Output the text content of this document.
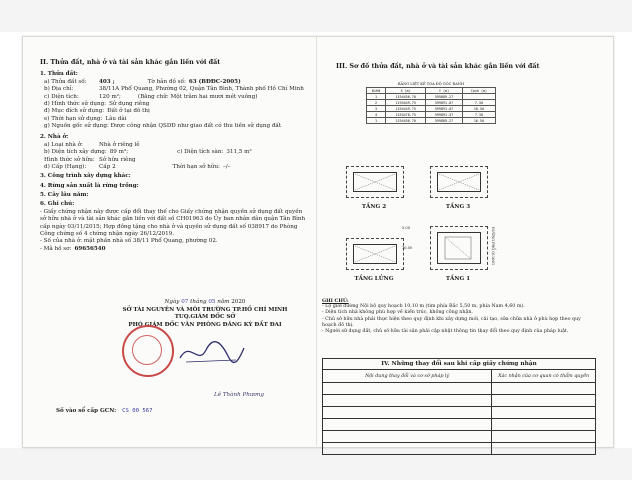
II. Thửa đất, nhà ở và tài sản khác gắn liền với đất
1. Thửa đất:
a) Thửa đất số:	403 ;	Tờ bản đồ số: 63 (BĐĐC-2005)
b) Địa chỉ:	38/11A Phổ Quang, Phường 02, Quận Tân Bình, Thành phố Hồ Chí Minh
c) Diện tích:	120 m²;	(Bằng chữ: Một trăm hai mươi mét vuông)
d) Hình thức sử dụng: Sử dụng riêng
đ) Mục đích sử dụng: Đất ở tại đô thị
e) Thời hạn sử dụng: Lâu dài
g) Nguồn gốc sử dụng: Được công nhận QSDĐ như giao đất có thu tiền sử dụng đất
2. Nhà ở:
a) Loại nhà ở:	Nhà ở riêng lẻ
b) Diện tích xây dựng: 89 m²;	c) Diện tích sàn: 311,5 m²
Hình thức sở hữu: Sở hữu riêng
d) Cấp (Hạng):	Cấp 2	Thời hạn sở hữu: –/–
3. Công trình xây dựng khác:
4. Rừng sản xuất là rừng trồng:
5. Cây lâu năm:
6. Ghi chú:
- Giấy chứng nhận này được cấp đổi thay thế cho Giấy chứng nhận quyền sử dụng đất quyền sở hữu nhà ở và tài sản khác gắn liền với đất số CH01963 do Ủy ban nhân dân quận Tân Bình cấp ngày 03/11/2015; Hợp đồng tặng cho nhà ở và quyền sử dụng đất số 038917 do Phòng Công chứng số 4 chứng nhận ngày 26/12/2019.
- Số của nhà ở: mặt phần nhà số 38/11 Phổ Quang, phường 02.
- Mã hồ sơ: 69656540
Ngày 07 tháng 05 năm 2020
SỞ TÀI NGUYÊN VÀ MÔI TRƯỜNG TP.HỒ CHÍ MINH
TUQ.GIÁM ĐỐC SỞ
PHÓ GIÁM ĐỐC VĂN PHÒNG ĐĂNG KÝ ĐẤT ĐAI
Lê Thành Phương
Số vào sổ cấp GCN: CS 00 567
III. Sơ đồ thửa đất, nhà ở và tài sản khác gắn liền với đất
BẢNG LIỆT KÊ TỌA ĐỘ GÓC RANH
Điểm	X (m)	Y (m)	Cạnh (m)
1	1194456.70	599889.27	
2	1194449.75	599891.07	7.30
3	1194449.75	599891.07	16.50
4	1194478.75	599891.57	7.30
1	1194456.70	599889.27	16.50
TẦNG 2	TẦNG 3
TẦNG LỬNG
ĐƯỜNG PHỔ QUANG
TẦNG 1
5.00
16.50
GHI CHÚ:
- Lộ giới đường Nội bộ quy hoạch 10,10 m (tim phía Bắc 5,50 m, phía Nam 4,60 m).
- Diện tích nhà không phù hợp về kiến trúc, không công nhận.
- Chủ sở hữu nhà phải thực hiện theo quy định khi xây dựng mới, cải tạo, sửa chữa nhà ở phù hợp theo quy hoạch đô thị.
- Người sử dụng đất, chủ sở hữu tài sản phải cập nhật thông tin thay đổi theo quy định của pháp luật.
IV. Những thay đổi sau khi cấp giấy chứng nhận
Nội dung thay đổi và cơ sở pháp lý	Xác nhận của cơ quan có thẩm quyền
